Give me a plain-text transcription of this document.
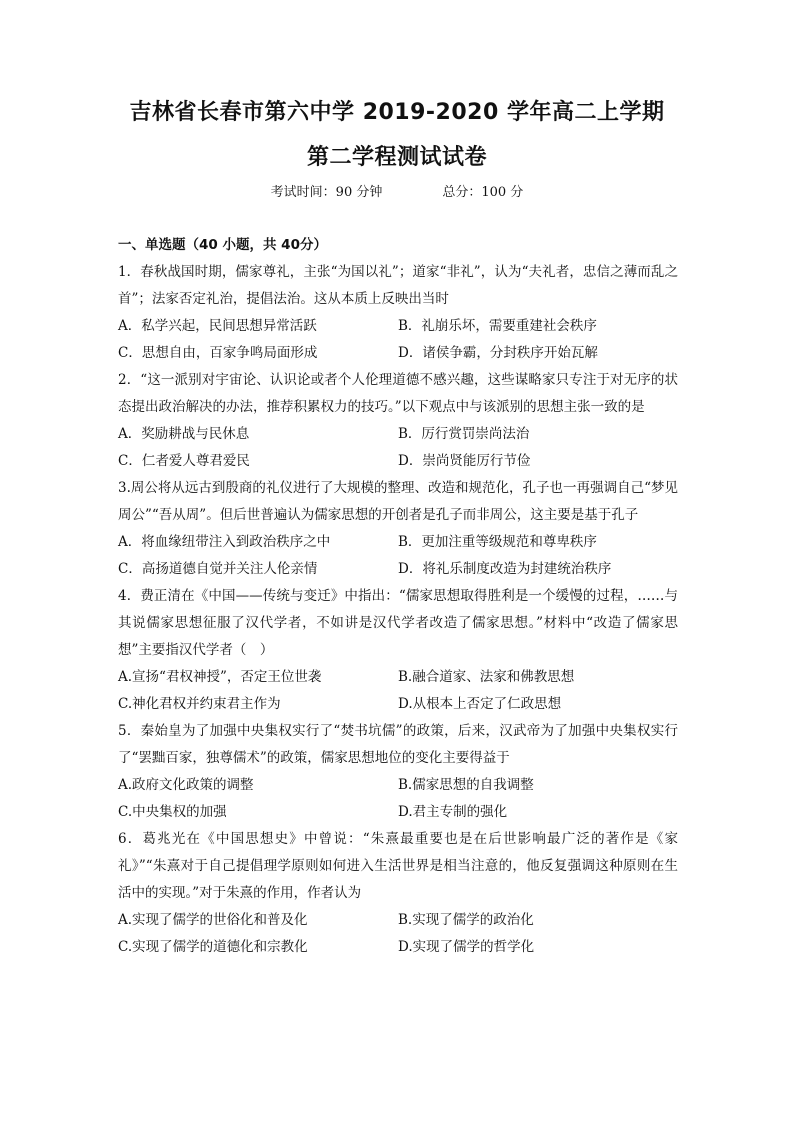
吉林省长春市第六中学 2019-2020 学年高二上学期
第二学程测试试卷
考试时间：90 分钟	总分：100 分
一、单选题（40 小题，共 40分）
1．春秋战国时期，儒家尊礼，主张“为国以礼”；道家“非礼”，认为“夫礼者，忠信之薄而乱之首”；法家否定礼治，提倡法治。这从本质上反映出当时
A．私学兴起，民间思想异常活跃	B．礼崩乐坏，需要重建社会秩序
C．思想自由，百家争鸣局面形成	D．诸侯争霸，分封秩序开始瓦解
2．“这一派别对宇宙论、认识论或者个人伦理道德不感兴趣，这些谋略家只专注于对无序的状态提出政治解决的办法，推荐积累权力的技巧。”以下观点中与该派别的思想主张一致的是
A．奖励耕战与民休息	B．厉行赏罚崇尚法治
C．仁者爱人尊君爱民	D．崇尚贤能厉行节俭
3.周公将从远古到殷商的礼仪进行了大规模的整理、改造和规范化，孔子也一再强调自己“梦见周公”“吾从周”。但后世普遍认为儒家思想的开创者是孔子而非周公，这主要是基于孔子
A．将血缘纽带注入到政治秩序之中	B．更加注重等级规范和尊卑秩序
C．高扬道德自觉并关注人伦亲情	D．将礼乐制度改造为封建统治秩序
4．费正清在《中国——传统与变迁》中指出：“儒家思想取得胜利是一个缓慢的过程，……与其说儒家思想征服了汉代学者，不如讲是汉代学者改造了儒家思想。”材料中“改造了儒家思想”主要指汉代学者（　）
A.宣扬“君权神授”，否定王位世袭	B.融合道家、法家和佛教思想
C.神化君权并约束君主作为	D.从根本上否定了仁政思想
5．秦始皇为了加强中央集权实行了“焚书坑儒”的政策，后来，汉武帝为了加强中央集权实行了“罢黜百家，独尊儒术”的政策，儒家思想地位的变化主要得益于
A.政府文化政策的调整	B.儒家思想的自我调整
C.中央集权的加强	D.君主专制的强化
6．葛兆光在《中国思想史》中曾说：“朱熹最重要也是在后世影响最广泛的著作是《家礼》”“朱熹对于自己提倡理学原则如何进入生活世界是相当注意的，他反复强调这种原则在生活中的实现。”对于朱熹的作用，作者认为
A.实现了儒学的世俗化和普及化	B.实现了儒学的政治化
C.实现了儒学的道德化和宗教化	D.实现了儒学的哲学化
